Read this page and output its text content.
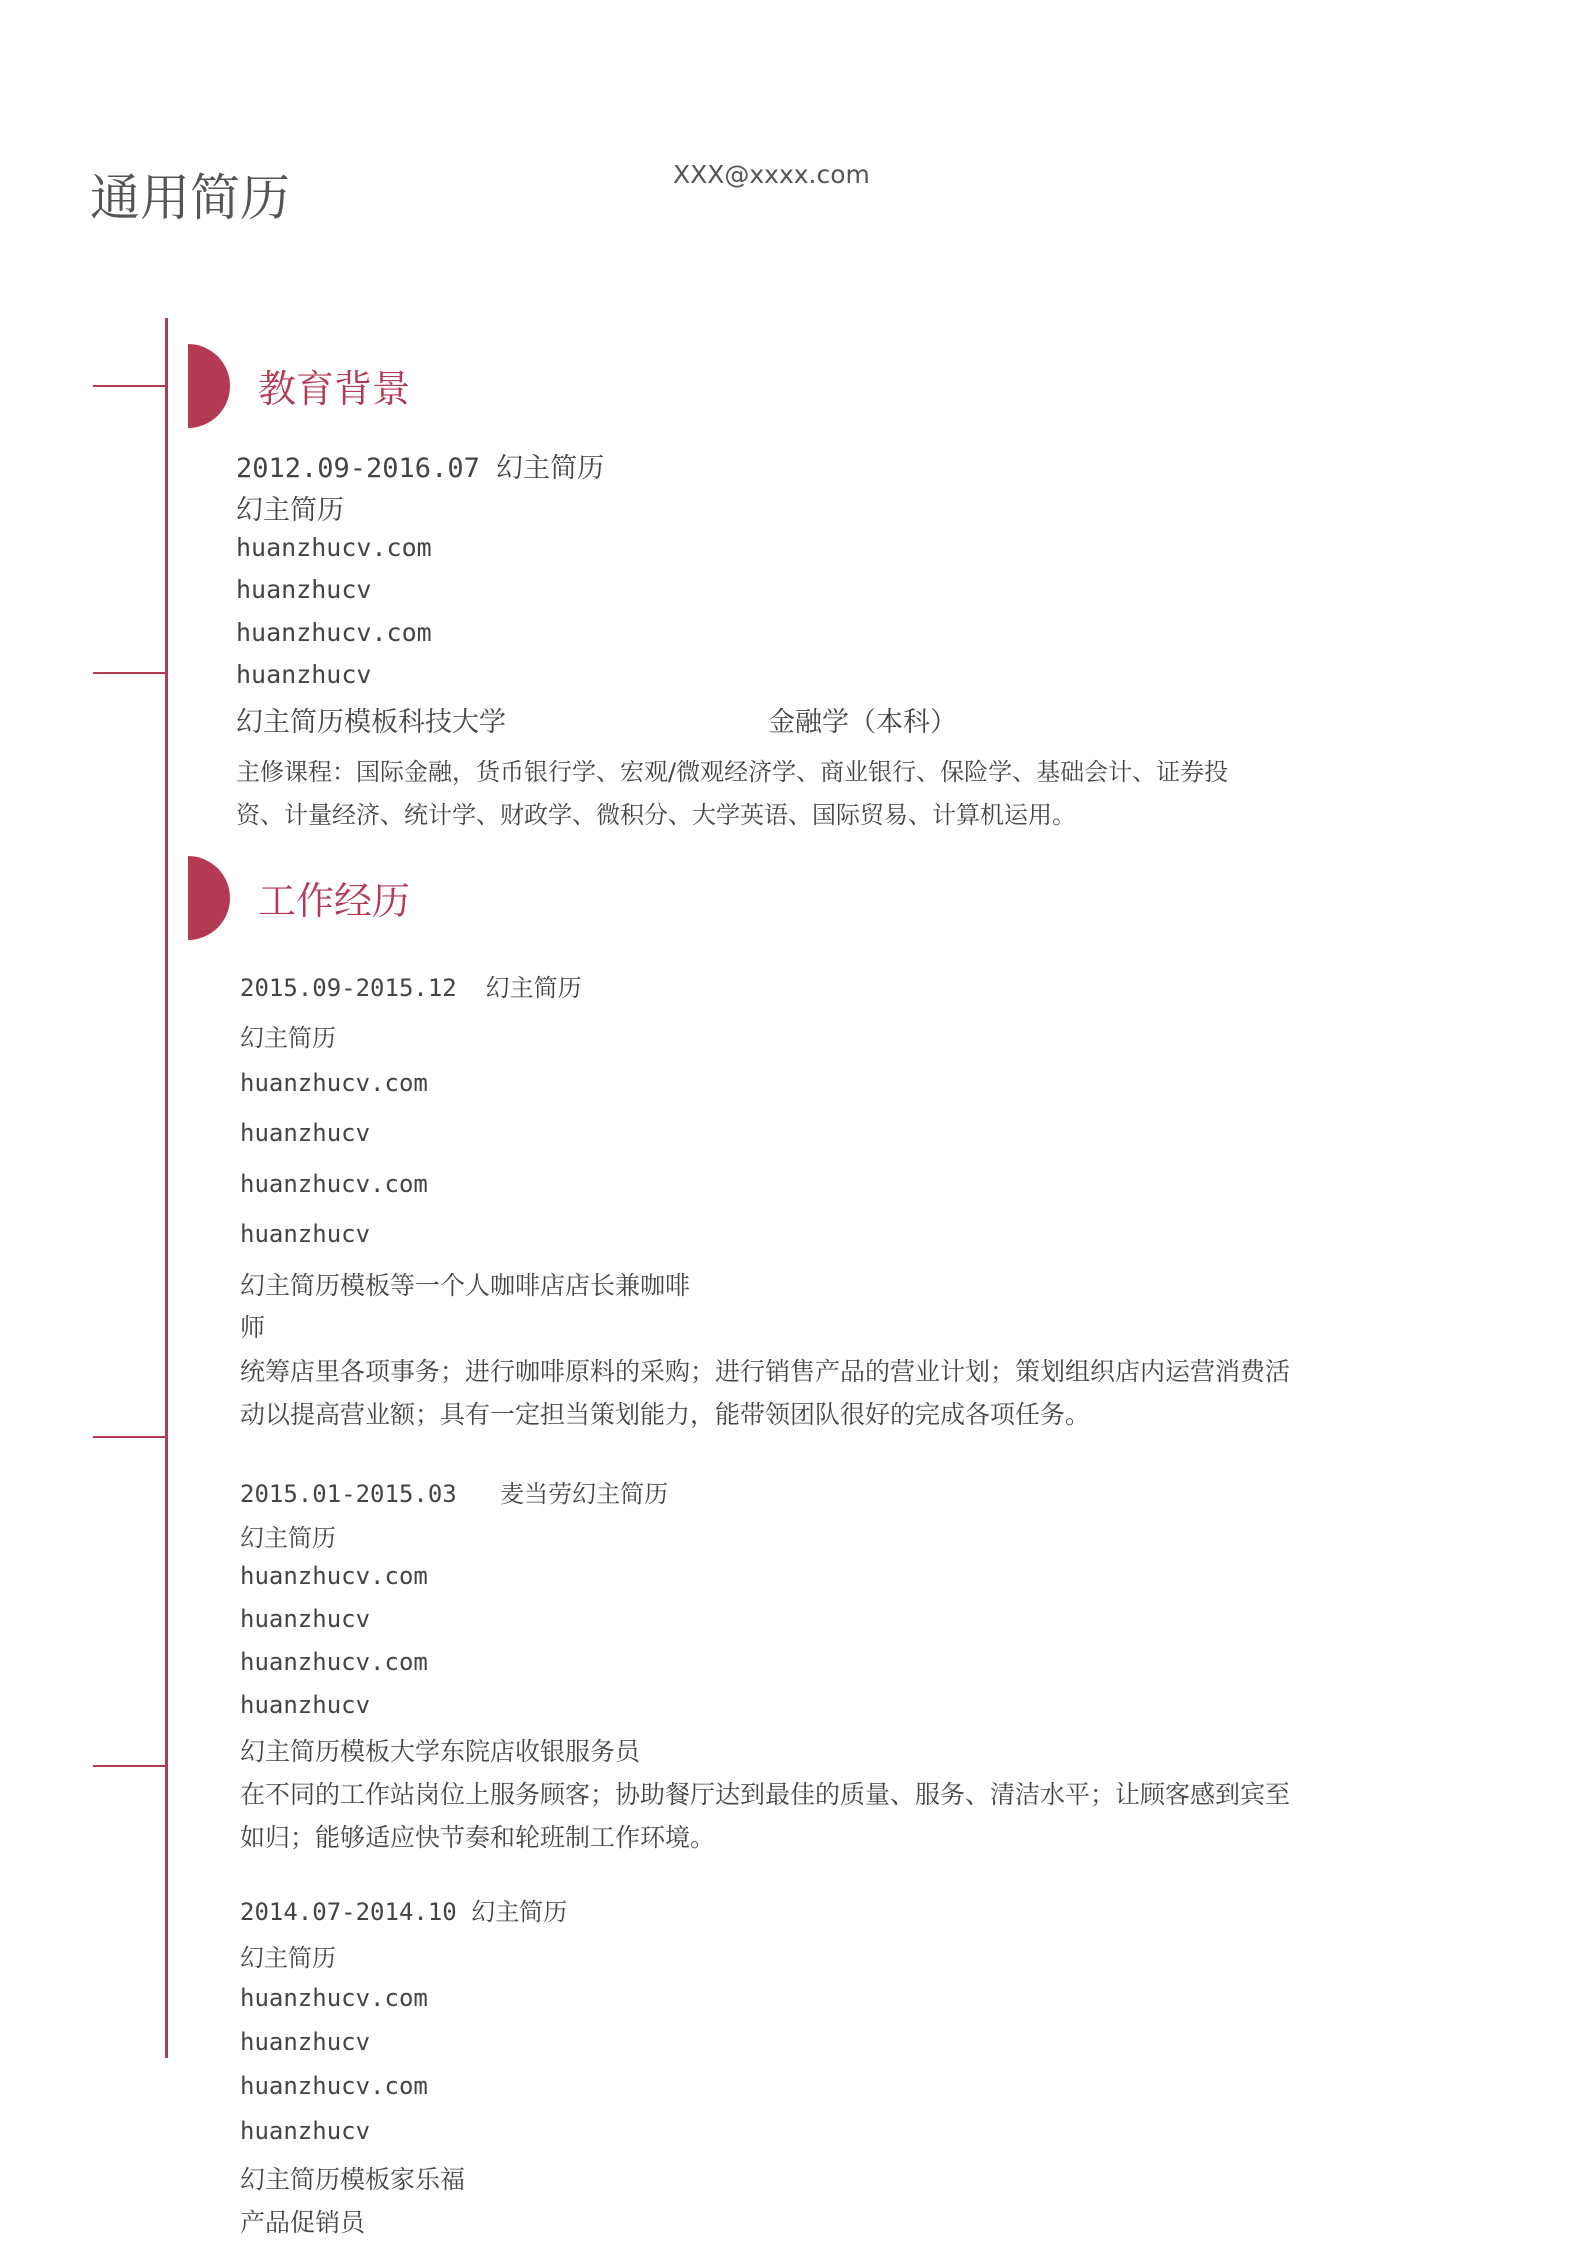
通用简历	XXX@xxxx.com
教育背景
2012.09-2016.07 幻主简历
幻主简历
huanzhucv.com
huanzhucv
huanzhucv.com
huanzhucv
幻主简历模板科技大学	金融学（本科）
主修课程：国际金融，货币银行学、宏观/微观经济学、商业银行、保险学、基础会计、证券投
资、计量经济、统计学、财政学、微积分、大学英语、国际贸易、计算机运用。
工作经历
2015.09-2015.12 幻主简历
幻主简历
huanzhucv.com
huanzhucv
huanzhucv.com
huanzhucv
幻主简历模板等一个人咖啡店店长兼咖啡
师
统筹店里各项事务；进行咖啡原料的采购；进行销售产品的营业计划；策划组织店内运营消费活
动以提高营业额；具有一定担当策划能力，能带领团队很好的完成各项任务。
2015.01-2015.03 麦当劳幻主简历
幻主简历
huanzhucv.com
huanzhucv
huanzhucv.com
huanzhucv
幻主简历模板大学东院店收银服务员
在不同的工作站岗位上服务顾客；协助餐厅达到最佳的质量、服务、清洁水平；让顾客感到宾至
如归；能够适应快节奏和轮班制工作环境。
2014.07-2014.10 幻主简历
幻主简历
huanzhucv.com
huanzhucv
huanzhucv.com
huanzhucv
幻主简历模板家乐福
产品促销员
